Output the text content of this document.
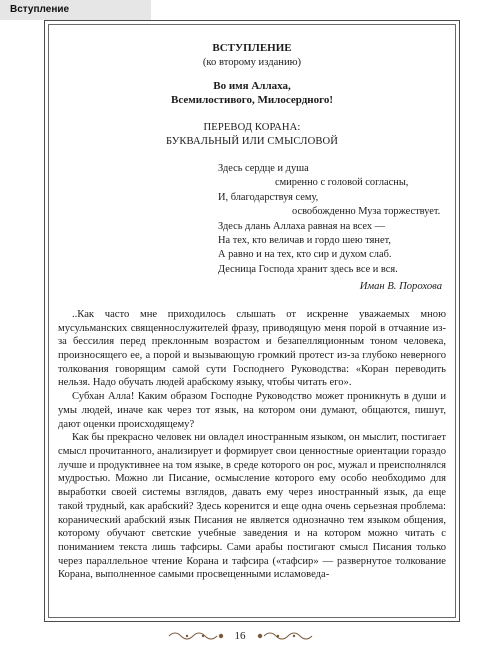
Вступление
ВСТУПЛЕНИЕ
(ко второму изданию)
Во имя Аллаха,
Всемилостивого, Милосердного!
ПЕРЕВОД КОРАНА:
БУКВАЛЬНЫЙ ИЛИ СМЫСЛОВОЙ
Здесь сердце и душа
смиренно с головой согласны,
И, благодарствуя сему,
освобожденно Муза торжествует.
Здесь длань Аллаха равная на всех —
На тех, кто величав и гордо шею тянет,
А равно и на тех, кто сир и духом слаб.
Десница Господа хранит здесь все и вся.
Иман В. Порохова

..Как часто мне приходилось слышать от искренне уважаемых мною мусульманских священнослужителей фразу, приводящую меня порой в отчаяние из-за бессилия перед преклонным возрастом и безапелляционным тоном человека, произносящего ее, а порой и вызывающую громкий протест из-за глубоко неверного толкования говорящим самой сути Господнего Руководства: «Коран переводить нельзя. Надо обучать людей арабскому языку, чтобы читать его».

Субхан Алла! Каким образом Господне Руководство может проникнуть в души и умы людей, иначе как через тот язык, на котором они думают, общаются, пишут, дают оценки происходящему?

Как бы прекрасно человек ни овладел иностранным языком, он мыслит, постигает смысл прочитанного, анализирует и формирует свои ценностные ориентации гораздо лучше и продуктивнее на том языке, в среде которого он рос, мужал и преисполнялся мудростью. Можно ли Писание, осмысление которого ему особо необходимо для выработки своей системы взглядов, давать ему через иностранный язык, да еще такой трудный, как арабский? Здесь коренится и еще одна очень серьезная проблема: коранический арабский язык Писания не является однозначно тем языком общения, которому обучают светские учебные заведения и на котором можно читать с пониманием текста лишь тафсиры. Сами арабы постигают смысл Писания только через параллельное чтение Корана и тафсира («тафсир» — развернутое толкование Корана, выполненное самыми просвещенными исламоведа-

16
